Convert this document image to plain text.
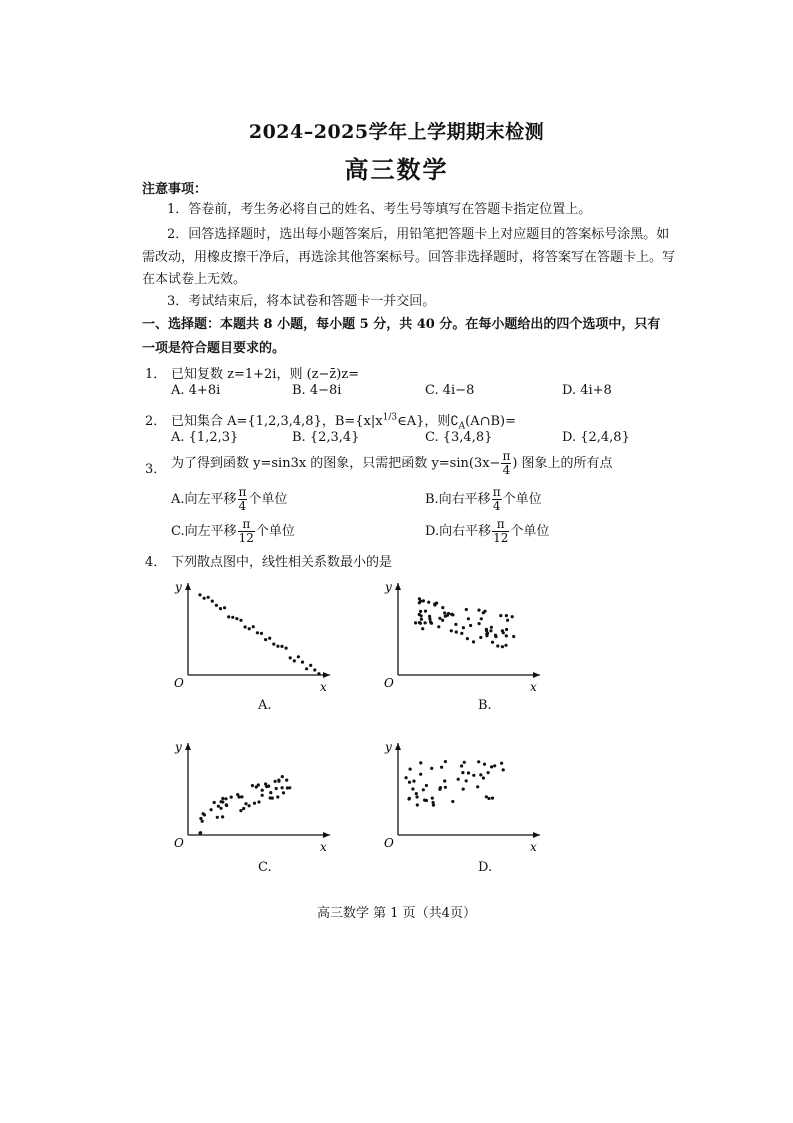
2024–2025学年上学期期末检测
高三数学
注意事项：
1．答卷前，考生务必将自己的姓名、考生号等填写在答题卡指定位置上。
2．回答选择题时，选出每小题答案后，用铅笔把答题卡上对应题目的答案标号涂黑。如
需改动，用橡皮擦干净后，再选涂其他答案标号。回答非选择题时，将答案写在答题卡上。写
在本试卷上无效。
3．考试结束后，将本试卷和答题卡一并交回。
一、选择题：本题共 8 小题，每小题 5 分，共 40 分。在每小题给出的四个选项中，只有
一项是符合题目要求的。
1． 已知复数 z=1+2i，则 (z−z̄)z=
A. 4+8i	B. 4−8i	C. 4i−8	D. 4i+8
2． 已知集合 A={1,2,3,4,8}，$B=\{x|x^{1/3}\in A\}$，则$∁_A(A\cap B)=$
A. {1,2,3}	B. {2,3,4}	C. {3,4,8}	D. {2,4,8}
3． 为了得到函数 y=sin3x 的图象，只需把函数 $y=\sin(3x- \frac{\pi}{4}$ ) 图象上的所有点
A.向左平移 $\frac{\pi}{4}$ 个单位	B.向右平移 $\frac{\pi}{4}$ 个单位
C.向左平移 $\frac{\pi}{12}$ 个单位	D.向右平移 $\frac{\pi}{12}$ 个单位
4． 下列散点图中，线性相关系数最小的是
y
x
O
y
x
O
y
x
O
y
x
O
A.	B.
C.	D.
高三数学 第 1 页（共4页）
